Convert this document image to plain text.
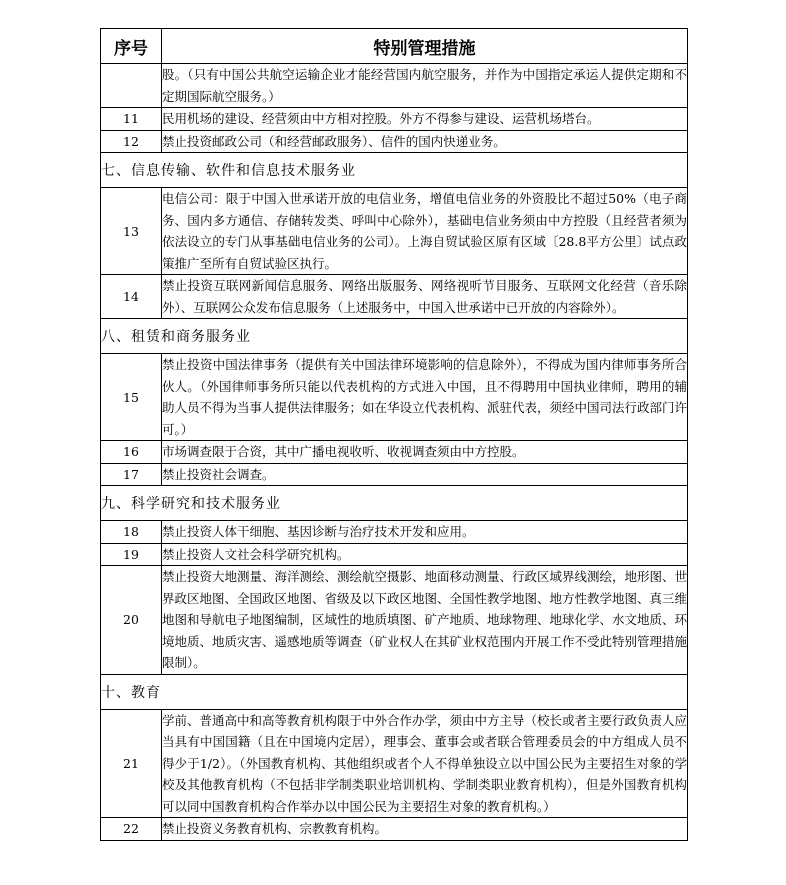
序号	特别管理措施
	股。（只有中国公共航空运输企业才能经营国内航空服务，并作为中国指定承运人提供定期和不定期国际航空服务。）
11	民用机场的建设、经营须由中方相对控股。外方不得参与建设、运营机场塔台。
12	禁止投资邮政公司（和经营邮政服务）、信件的国内快递业务。
七、信息传输、软件和信息技术服务业	
13	电信公司：限于中国入世承诺开放的电信业务，增值电信业务的外资股比不超过50%（电子商务、国内多方通信、存储转发类、呼叫中心除外），基础电信业务须由中方控股（且经营者须为依法设立的专门从事基础电信业务的公司）。上海自贸试验区原有区域〔28.8平方公里〕试点政策推广至所有自贸试验区执行。
14	禁止投资互联网新闻信息服务、网络出版服务、网络视听节目服务、互联网文化经营（音乐除外）、互联网公众发布信息服务（上述服务中，中国入世承诺中已开放的内容除外）。
八、租赁和商务服务业	
15	禁止投资中国法律事务（提供有关中国法律环境影响的信息除外），不得成为国内律师事务所合伙人。（外国律师事务所只能以代表机构的方式进入中国，且不得聘用中国执业律师，聘用的辅助人员不得为当事人提供法律服务；如在华设立代表机构、派驻代表，须经中国司法行政部门许可。）
16	市场调查限于合资，其中广播电视收听、收视调查须由中方控股。
17	禁止投资社会调查。
九、科学研究和技术服务业	
18	禁止投资人体干细胞、基因诊断与治疗技术开发和应用。
19	禁止投资人文社会科学研究机构。
20	禁止投资大地测量、海洋测绘、测绘航空摄影、地面移动测量、行政区域界线测绘，地形图、世界政区地图、全国政区地图、省级及以下政区地图、全国性教学地图、地方性教学地图、真三维地图和导航电子地图编制，区域性的地质填图、矿产地质、地球物理、地球化学、水文地质、环境地质、地质灾害、遥感地质等调查（矿业权人在其矿业权范围内开展工作不受此特别管理措施限制）。
十、教育	
21	学前、普通高中和高等教育机构限于中外合作办学，须由中方主导（校长或者主要行政负责人应当具有中国国籍（且在中国境内定居），理事会、董事会或者联合管理委员会的中方组成人员不得少于1/2）。（外国教育机构、其他组织或者个人不得单独设立以中国公民为主要招生对象的学校及其他教育机构（不包括非学制类职业培训机构、学制类职业教育机构），但是外国教育机构可以同中国教育机构合作举办以中国公民为主要招生对象的教育机构。）
22	禁止投资义务教育机构、宗教教育机构。
